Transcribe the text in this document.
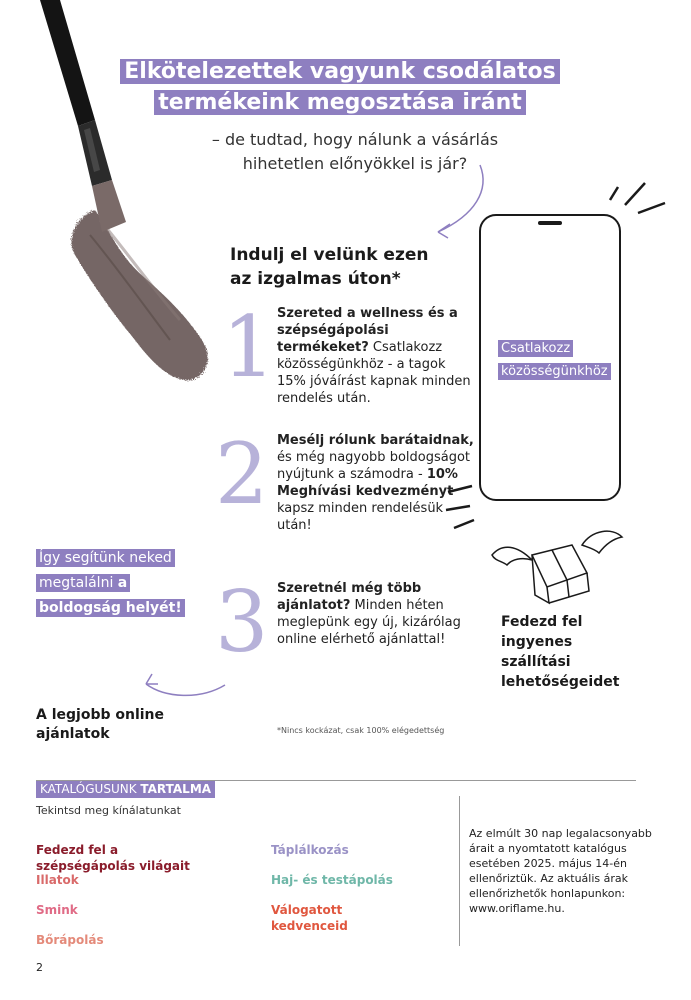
Elkötelezettek vagyunk csodálatos
termékeink megosztása iránt
– de tudtad, hogy nálunk a vásárlás
hihetetlen előnyökkel is jár?
Indulj el velünk ezen
az izgalmas úton*
1 Szereted a wellness és a szépségápolási termékeket? Csatlakozz közösségünkhöz - a tagok 15% jóváírást kapnak minden rendelés után.
2 Mesélj rólunk barátaidnak, és még nagyobb boldogságot nyújtunk a számodra - 10% Meghívási kedvezményt kapsz minden rendelésük után!
3 Szeretnél még több ajánlatot? Minden héten meglepünk egy új, kizárólag online elérhető ajánlattal!
Így segítünk neked
megtalálni a
boldogság helyét!
A legjobb online ajánlatok	*Nincs kockázat, csak 100% elégedettség
Csatlakozz
közösségünkhöz
Fedezd fel ingyenes szállítási lehetőségeidet
KATALÓGUSUNK TARTALMA
Tekintsd meg kínálatunkat
Fedezd fel a szépségápolás világait
Illatok
Smink
Bőrápolás
Táplálkozás
Haj- és testápolás
Válogatott kedvenceid
Az elmúlt 30 nap legalacsonyabb árait a nyomtatott katalógus esetében 2025. május 14-én ellenőriztük. Az aktuális árak ellenőrizhetők honlapunkon: www.oriflame.hu.
2
